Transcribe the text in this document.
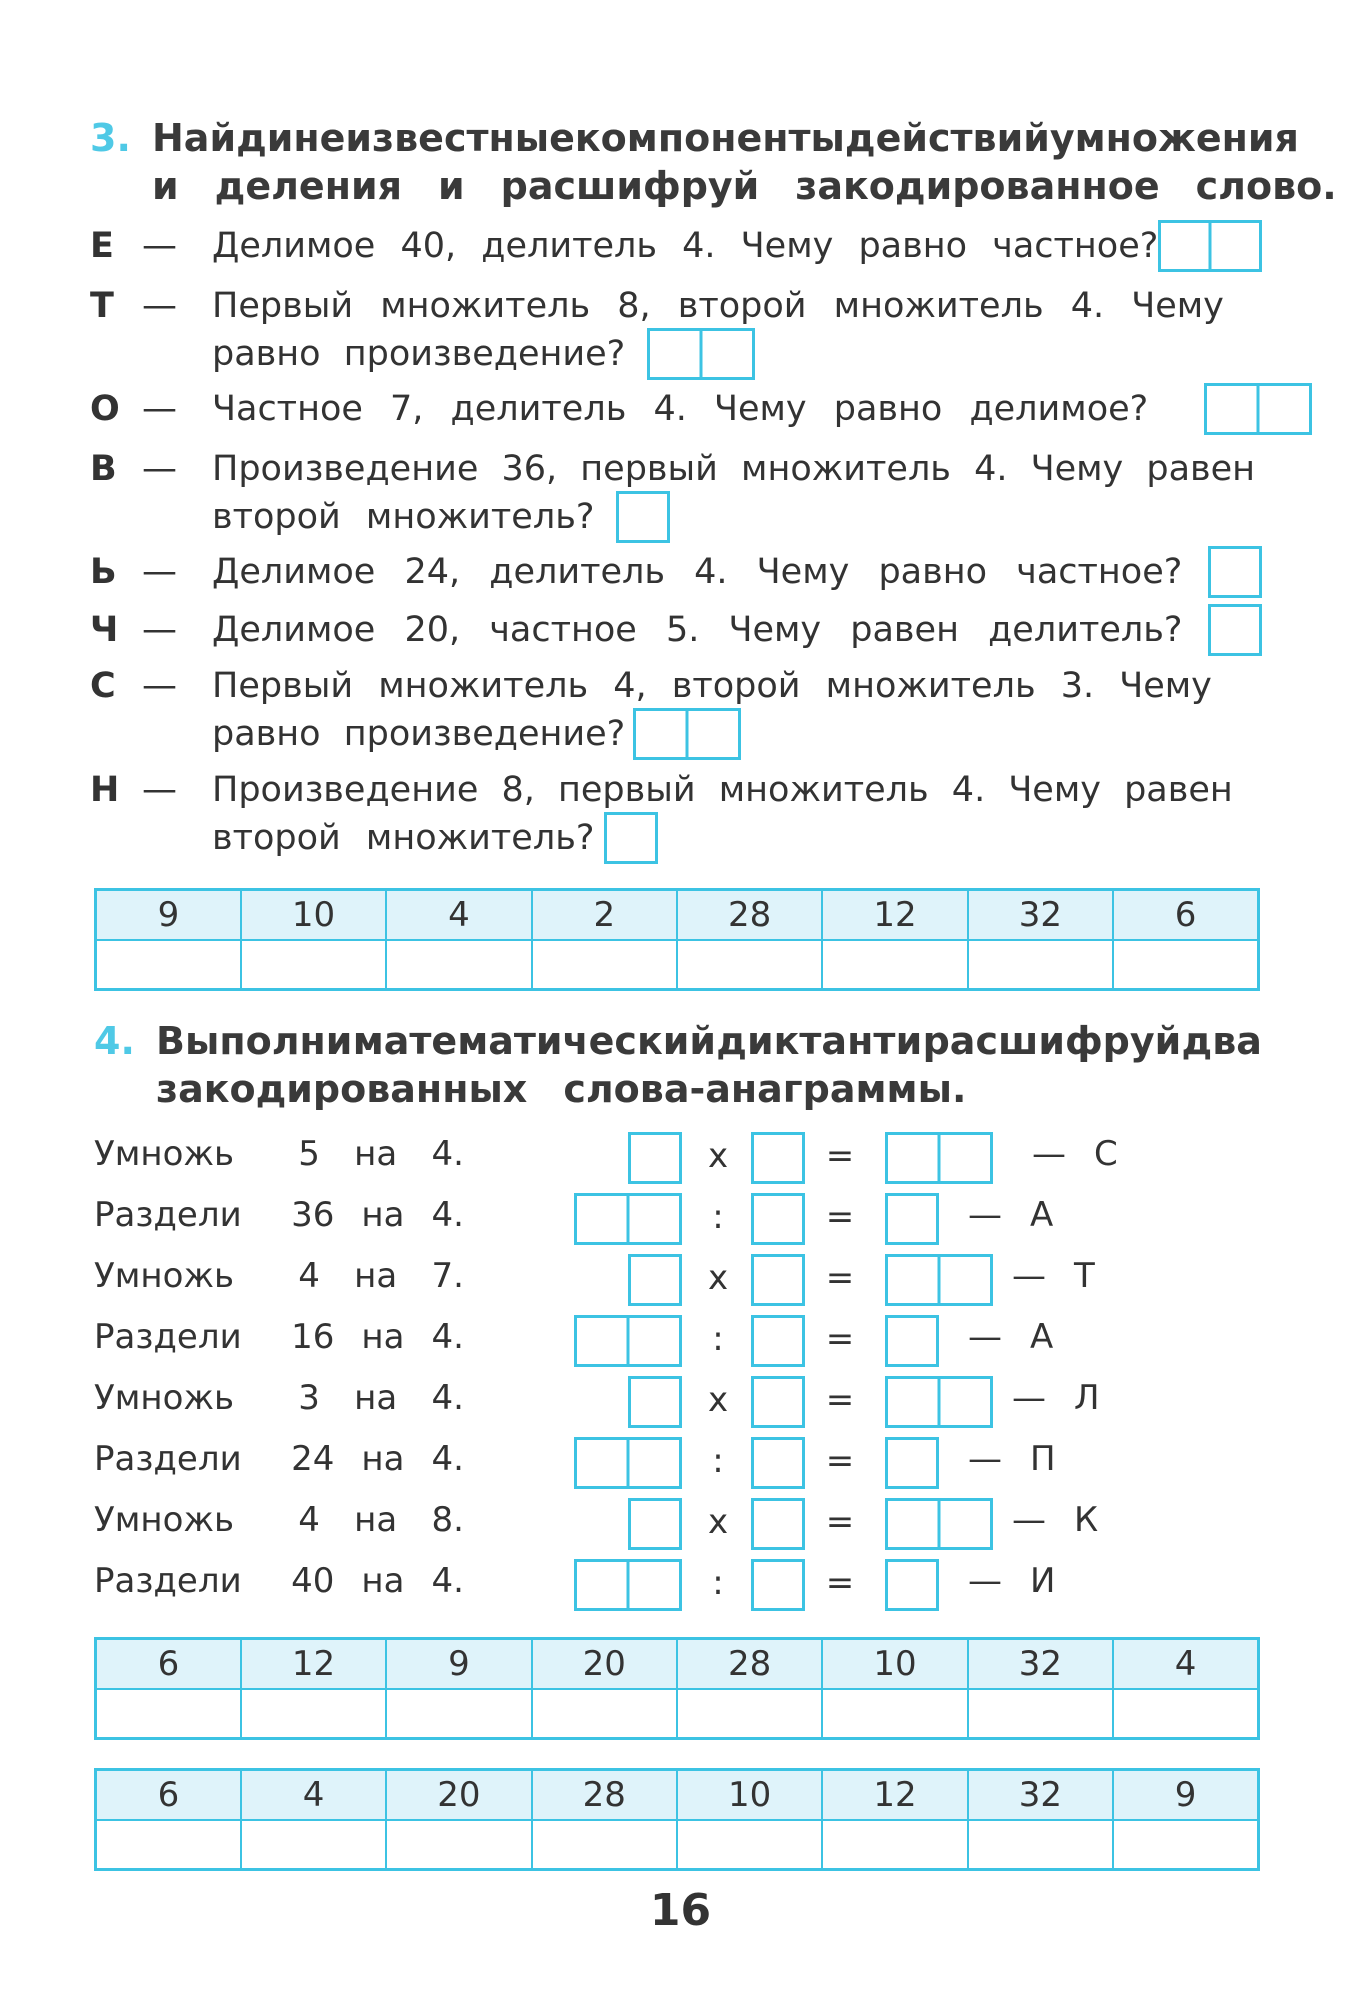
3. Найди неизвестные компоненты действий умножения
и деления и расшифруй закодированное слово.
Е — Делимое 40, делитель 4. Чему равно частное?
Т — Первый множитель 8, второй множитель 4. Чему
равно произведение?
О — Частное 7, делитель 4. Чему равно делимое?
В — Произведение 36, первый множитель 4. Чему равен
второй множитель?
Ь — Делимое 24, делитель 4. Чему равно частное?
Ч — Делимое 20, частное 5. Чему равен делитель?
С — Первый множитель 4, второй множитель 3. Чему
равно произведение?
Н — Произведение 8, первый множитель 4. Чему равен
второй множитель?
9	10	4	2	28	12	32	6

4. Выполни математический диктант и расшифруй два
закодированных слова-анаграммы.
Умножь	5 на 4.	x	=	— С
Раздели	36 на 4.	:	=	— А
Умножь	4 на 7.	x	=	— Т
Раздели	16 на 4.	:	=	— А
Умножь	3 на 4.	x	=	— Л
Раздели	24 на 4.	:	=	— П
Умножь	4 на 8.	x	=	— К
Раздели	40 на 4.	:	=	— И
6	12	9	20	28	10	32	4

6	4	20	28	10	12	32	9

16
